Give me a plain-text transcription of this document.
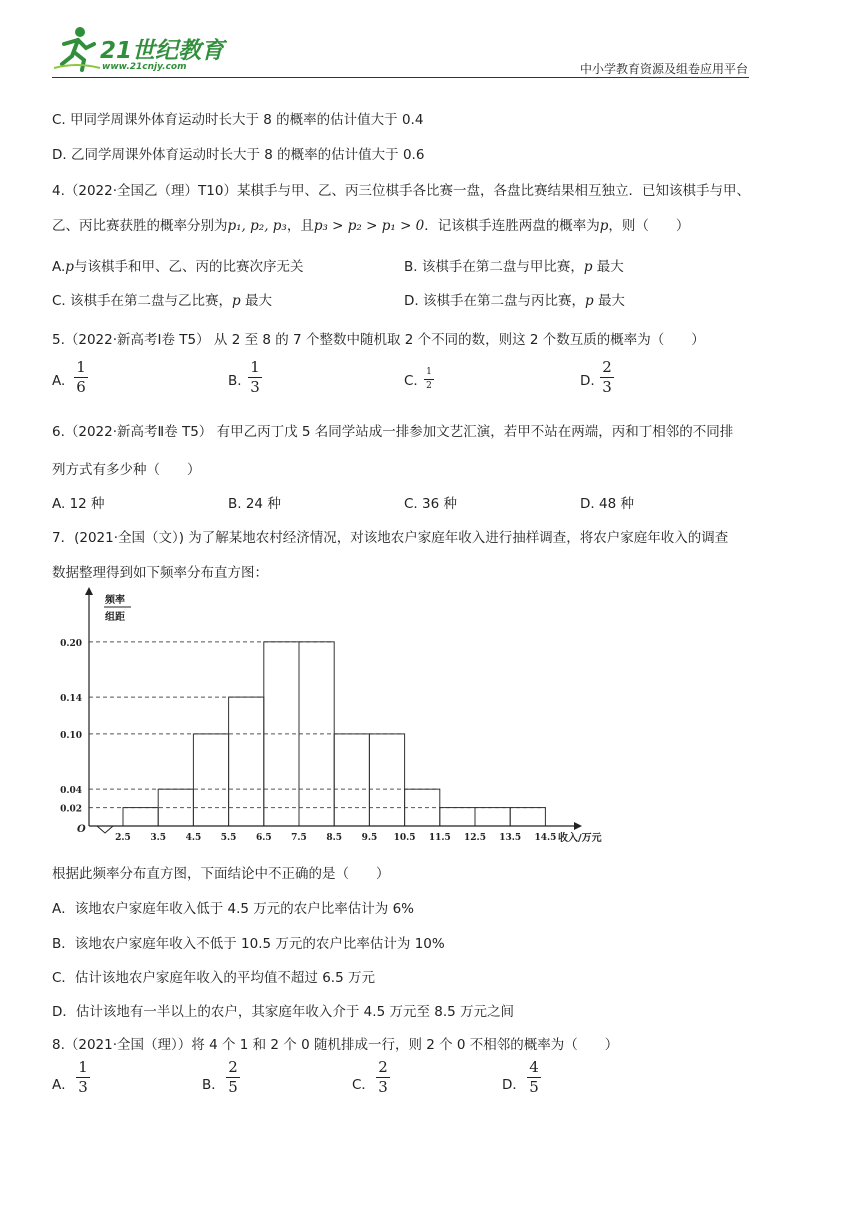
21世纪教育
www.21cnjy.com	中小学教育资源及组卷应用平台
C. 甲同学周课外体育运动时长大于 8 的概率的估计值大于 0.4
D. 乙同学周课外体育运动时长大于 8 的概率的估计值大于 0.6
4.（2022·全国乙（理）T10）某棋手与甲、乙、丙三位棋手各比赛一盘，各盘比赛结果相互独立．已知该棋手与甲、
乙、丙比赛获胜的概率分别为p₁, p₂, p₃，且p₃ > p₂ > p₁ > 0．记该棋手连胜两盘的概率为p，则（　　）
A.p与该棋手和甲、乙、丙的比赛次序无关	B. 该棋手在第二盘与甲比赛，p 最大
C. 该棋手在第二盘与乙比赛，p 最大	D. 该棋手在第二盘与丙比赛，p 最大
5.（2022·新高考Ⅰ卷 T5） 从 2 至 8 的 7 个整数中随机取 2 个不同的数，则这 2 个数互质的概率为（　　）
A.
1
6	B.
1
3	C.
1
2	D.
2
3
6.（2022·新高考Ⅱ卷 T5） 有甲乙丙丁戊 5 名同学站成一排参加文艺汇演，若甲不站在两端，丙和丁相邻的不同排
列方式有多少种（　　）
A. 12 种	B. 24 种	C. 36 种	D. 48 种
7．(2021·全国（文）) 为了解某地农村经济情况，对该地农户家庭年收入进行抽样调查，将农户家庭年收入的调查
数据整理得到如下频率分布直方图：
0.02
0.04
0.10
0.14
0.20
2.5 3.5 4.5 5.5 6.5 7.5 8.5 9.5 10.5 11.5 12.5 13.5 14.5
O
收入/万元
频率
组距
根据此频率分布直方图，下面结论中不正确的是（　　）
A．该地农户家庭年收入低于 4.5 万元的农户比率估计为 6%
B．该地农户家庭年收入不低于 10.5 万元的农户比率估计为 10%
C．估计该地农户家庭年收入的平均值不超过 6.5 万元
D．估计该地有一半以上的农户，其家庭年收入介于 4.5 万元至 8.5 万元之间
8.（2021·全国（理））将 4 个 1 和 2 个 0 随机排成一行，则 2 个 0 不相邻的概率为（　　）
A．
1
3	B．
2
5	C．
2
3	D．
4
5
